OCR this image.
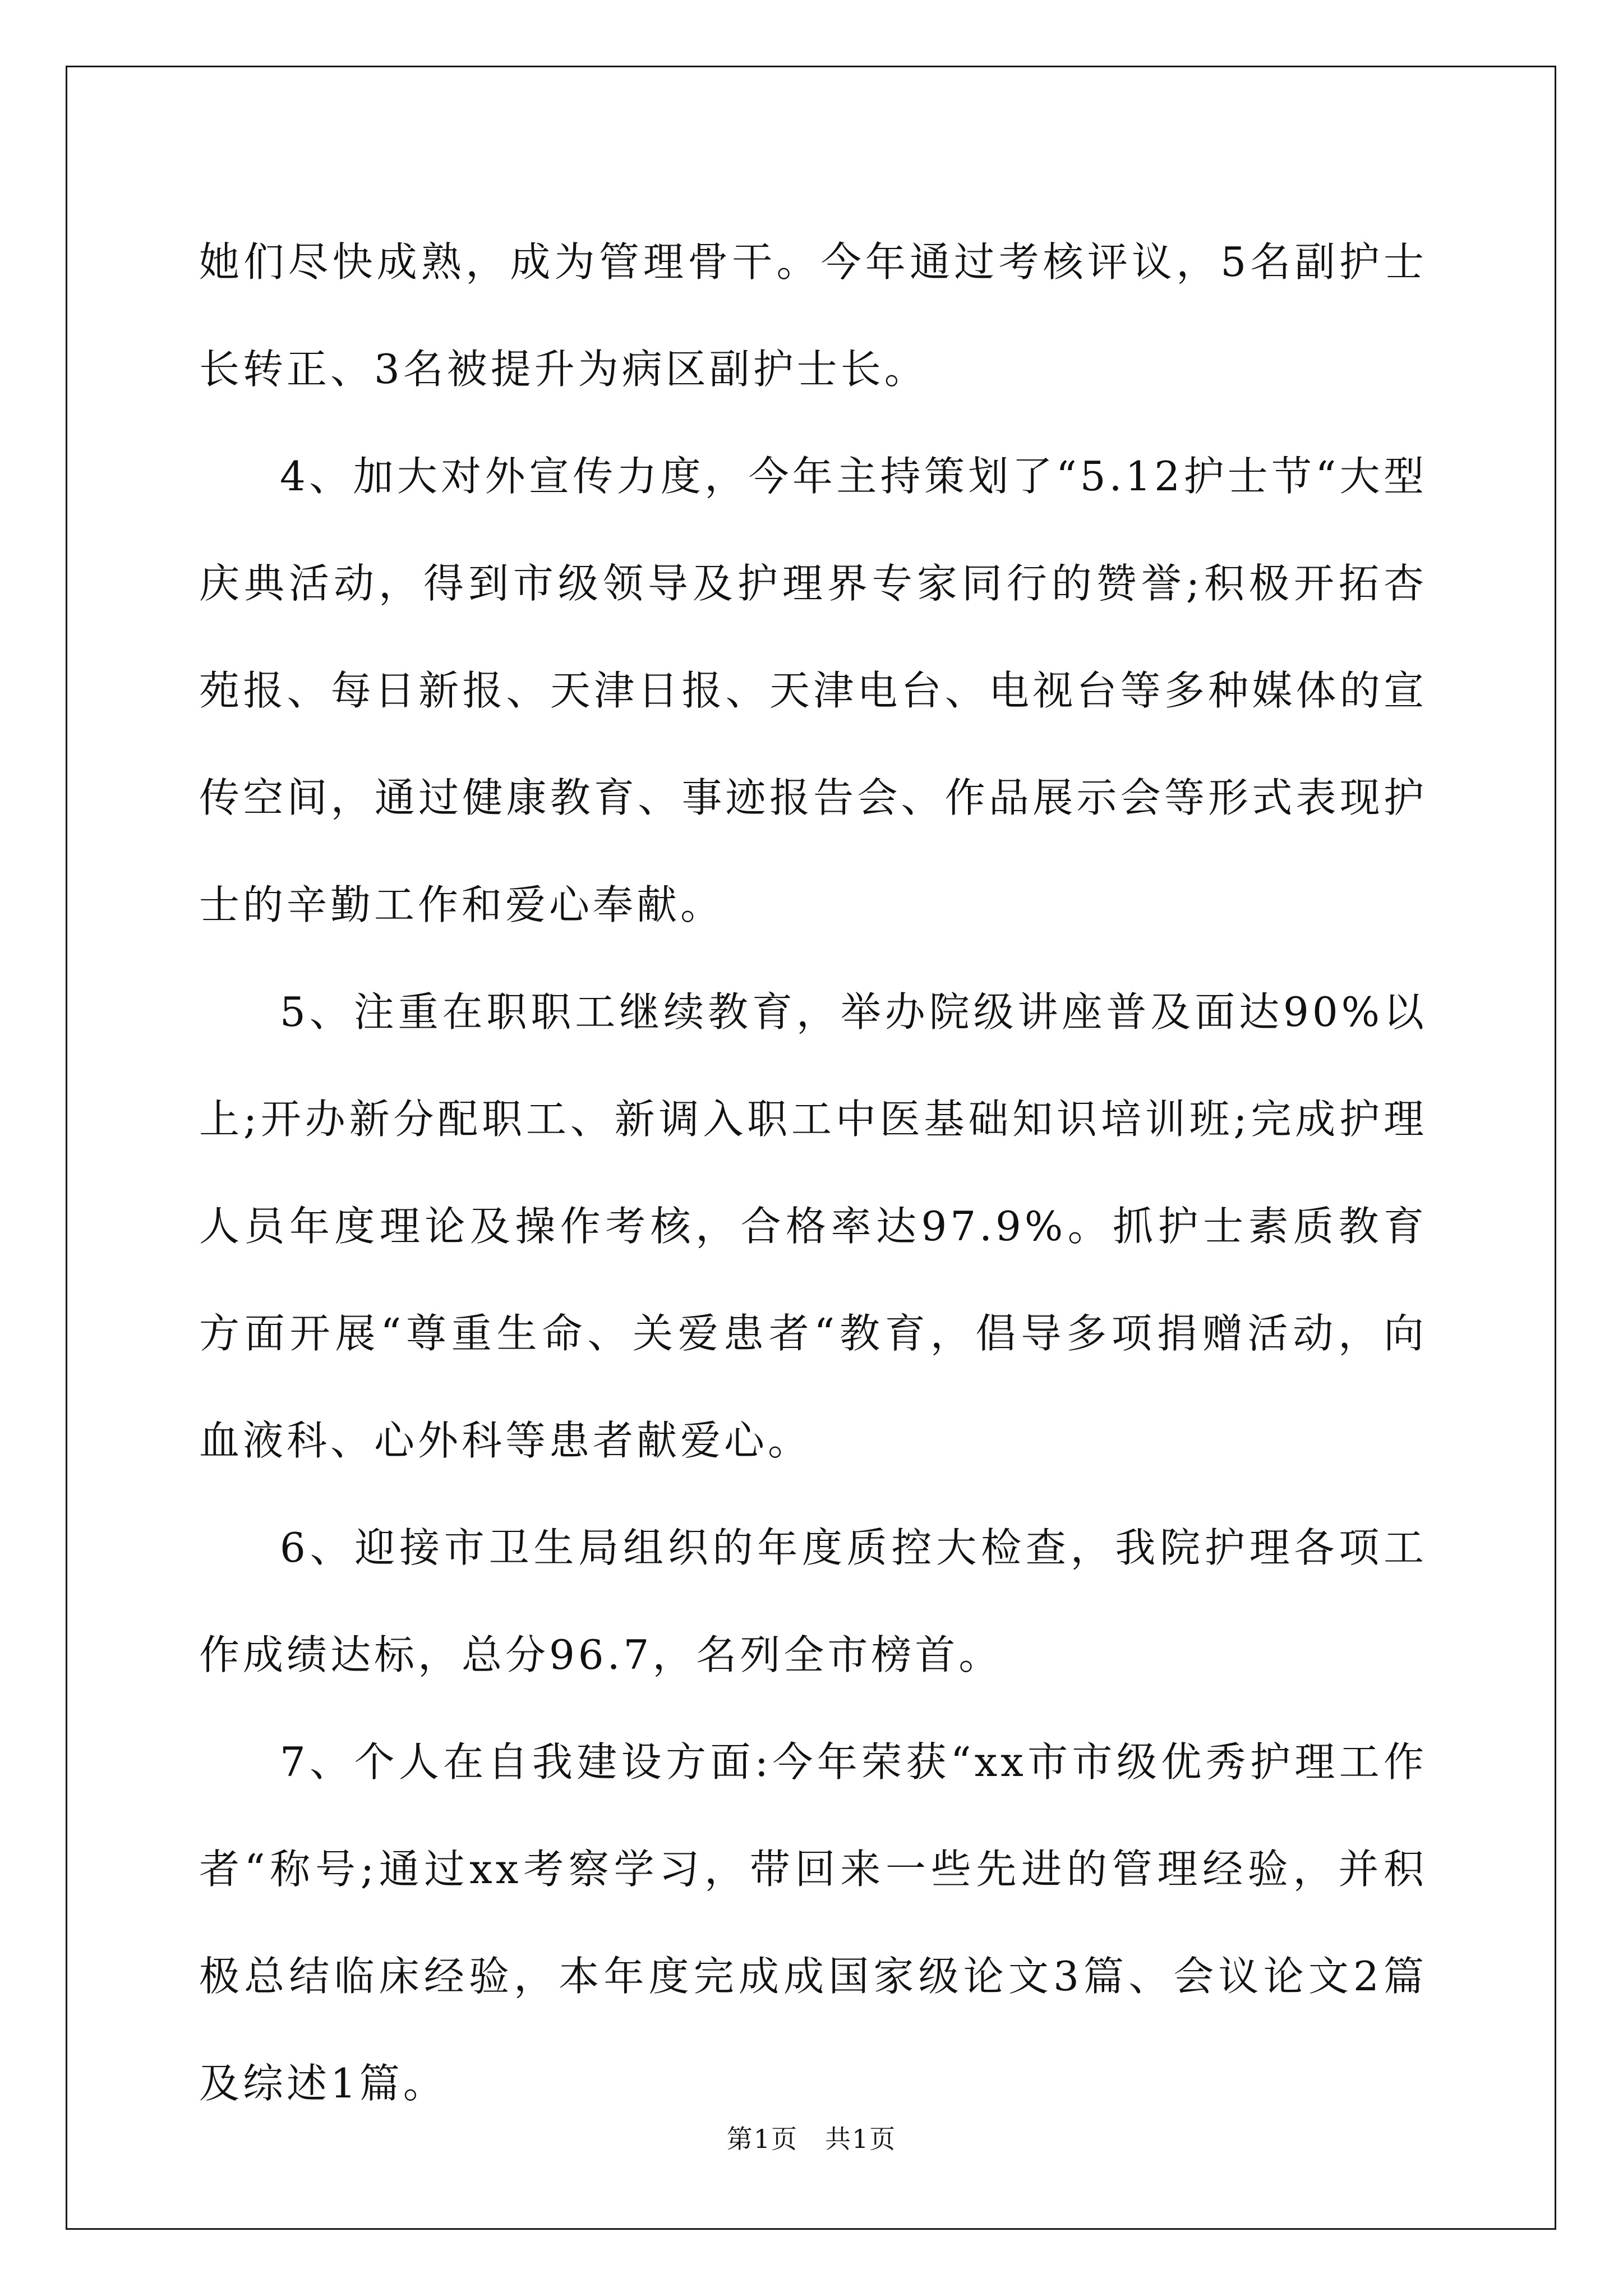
她们尽快成熟，成为管理骨干。今年通过考核评议，5名副护士长转正、3名被提升为病区副护士长。

4、加大对外宣传力度，今年主持策划了“5.12护士节“大型庆典活动，得到市级领导及护理界专家同行的赞誉;积极开拓杏苑报、每日新报、天津日报、天津电台、电视台等多种媒体的宣传空间，通过健康教育、事迹报告会、作品展示会等形式表现护士的辛勤工作和爱心奉献。

5、注重在职职工继续教育，举办院级讲座普及面达90%以上;开办新分配职工、新调入职工中医基础知识培训班;完成护理人员年度理论及操作考核，合格率达97.9%。抓护士素质教育方面开展“尊重生命、关爱患者“教育，倡导多项捐赠活动，向血液科、心外科等患者献爱心。

6、迎接市卫生局组织的年度质控大检查，我院护理各项工作成绩达标，总分96.7，名列全市榜首。

7、个人在自我建设方面:今年荣获“xx市市级优秀护理工作者“称号;通过xx考察学习，带回来一些先进的管理经验，并积极总结临床经验，本年度完成成国家级论文3篇、会议论文2篇及综述1篇。

第1页　共1页
